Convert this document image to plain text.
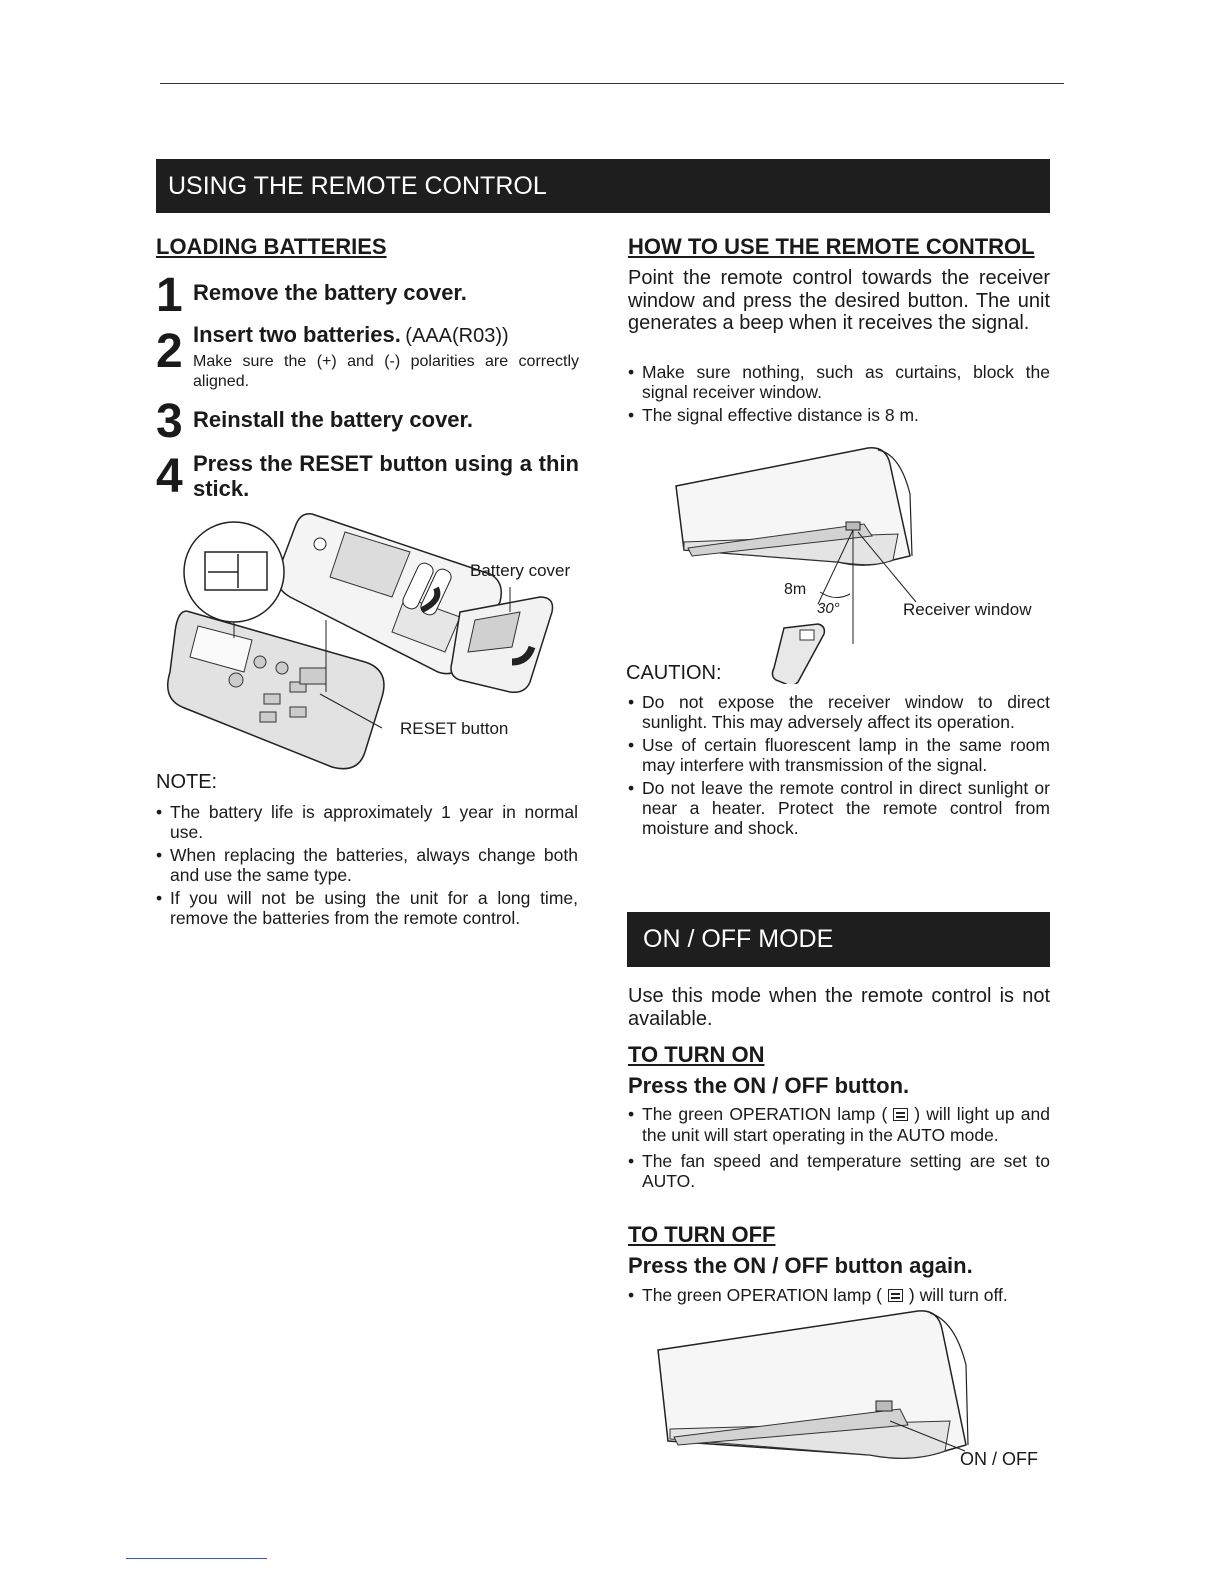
USING THE REMOTE CONTROL
LOADING BATTERIES
1 Remove the battery cover.
2 Insert two batteries. (AAA(R03))
Make sure the (+) and (-) polarities are correctly aligned.
3 Reinstall the battery cover.
4 Press the RESET button using a thin stick.
Battery cover
RESET button
NOTE:

• The battery life is approximately 1 year in normal use.

• When replacing the batteries, always change both and use the same type.

• If you will not be using the unit for a long time, remove the batteries from the remote control.

HOW TO USE THE REMOTE CONTROL
Point the remote control towards the receiver window and press the desired button. The unit generates a beep when it receives the signal.

• Make sure nothing, such as curtains, block the signal receiver window.

• The signal effective distance is 8 m.

8m
30°	Receiver window
CAUTION:

• Do not expose the receiver window to direct sunlight. This may adversely affect its operation.

• Use of certain fluorescent lamp in the same room may interfere with transmission of the signal.

• Do not leave the remote control in direct sunlight or near a heater. Protect the remote control from moisture and shock.

ON / OFF MODE
Use this mode when the remote control is not available.
TO TURN ON
Press the ON / OFF button.

• The green OPERATION lamp ( ) will light up and the unit will start operating in the AUTO mode.

• The fan speed and temperature setting are set to AUTO.

TO TURN OFF
Press the ON / OFF button again.

• The green OPERATION lamp ( ) will turn off.

ON / OFF
